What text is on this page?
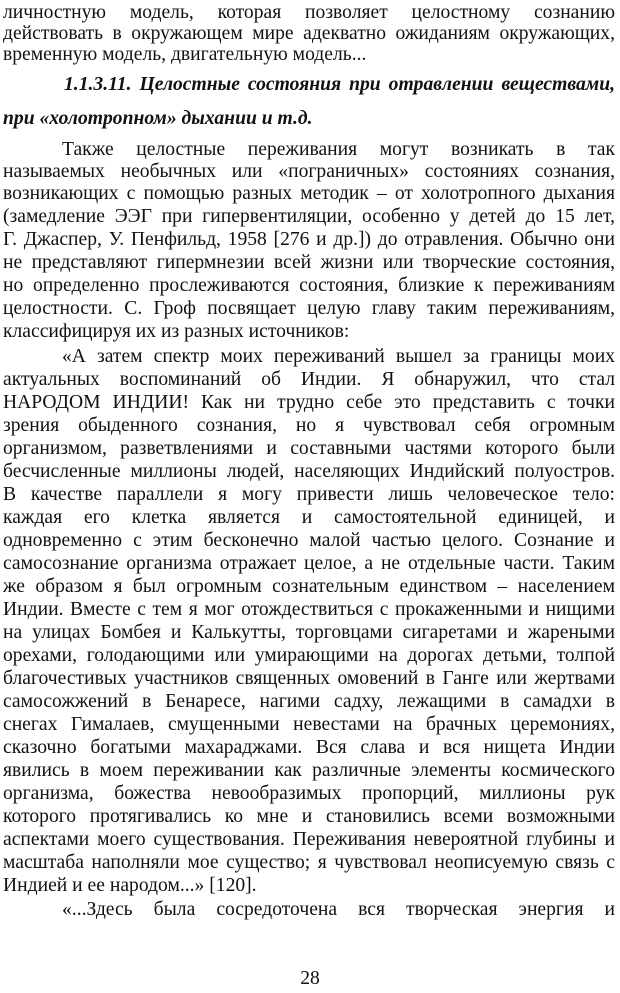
личностную модель, которая позволяет целостному сознанию
действовать в окружающем мире адекватно ожиданиям окружающих,
временную модель, двигательную модель...
1.1.3.11. Целостные состояния при отравлении веществами,
при «холотропном» дыхании и т.д.
Также целостные переживания могут возникать в так
называемых необычных или «пограничных» состояниях сознания,
возникающих с помощью разных методик – от холотропного дыхания
(замедление ЭЭГ при гипервентиляции, особенно у детей до 15 лет,
Г. Джаспер, У. Пенфильд, 1958 [276 и др.]) до отравления. Обычно они
не представляют гипермнезии всей жизни или творческие состояния,
но определенно прослеживаются состояния, близкие к переживаниям
целостности. С. Гроф посвящает целую главу таким переживаниям,
классифицируя их из разных источников:
«А затем спектр моих переживаний вышел за границы моих
актуальных воспоминаний об Индии. Я обнаружил, что стал
НАРОДОМ ИНДИИ! Как ни трудно себе это представить с точки
зрения обыденного сознания, но я чувствовал себя огромным
организмом, разветвлениями и составными частями которого были
бесчисленные миллионы людей, населяющих Индийский полуостров.
В качестве параллели я могу привести лишь человеческое тело:
каждая его клетка является и самостоятельной единицей, и
одновременно с этим бесконечно малой частью целого. Сознание и
самосознание организма отражает целое, а не отдельные части. Таким
же образом я был огромным сознательным единством – населением
Индии. Вместе с тем я мог отождествиться с прокаженными и нищими
на улицах Бомбея и Калькутты, торговцами сигаретами и жареными
орехами, голодающими или умирающими на дорогах детьми, толпой
благочестивых участников священных омовений в Ганге или жертвами
самосожжений в Бенаресе, нагими садху, лежащими в самадхи в
снегах Гималаев, смущенными невестами на брачных церемониях,
сказочно богатыми махараджами. Вся слава и вся нищета Индии
явились в моем переживании как различные элементы космического
организма, божества невообразимых пропорций, миллионы рук
которого протягивались ко мне и становились всеми возможными
аспектами моего существования. Переживания невероятной глубины и
масштаба наполняли мое существо; я чувствовал неописуемую связь с
Индией и ее народом...» [120].
«...Здесь была сосредоточена вся творческая энергия и
28
